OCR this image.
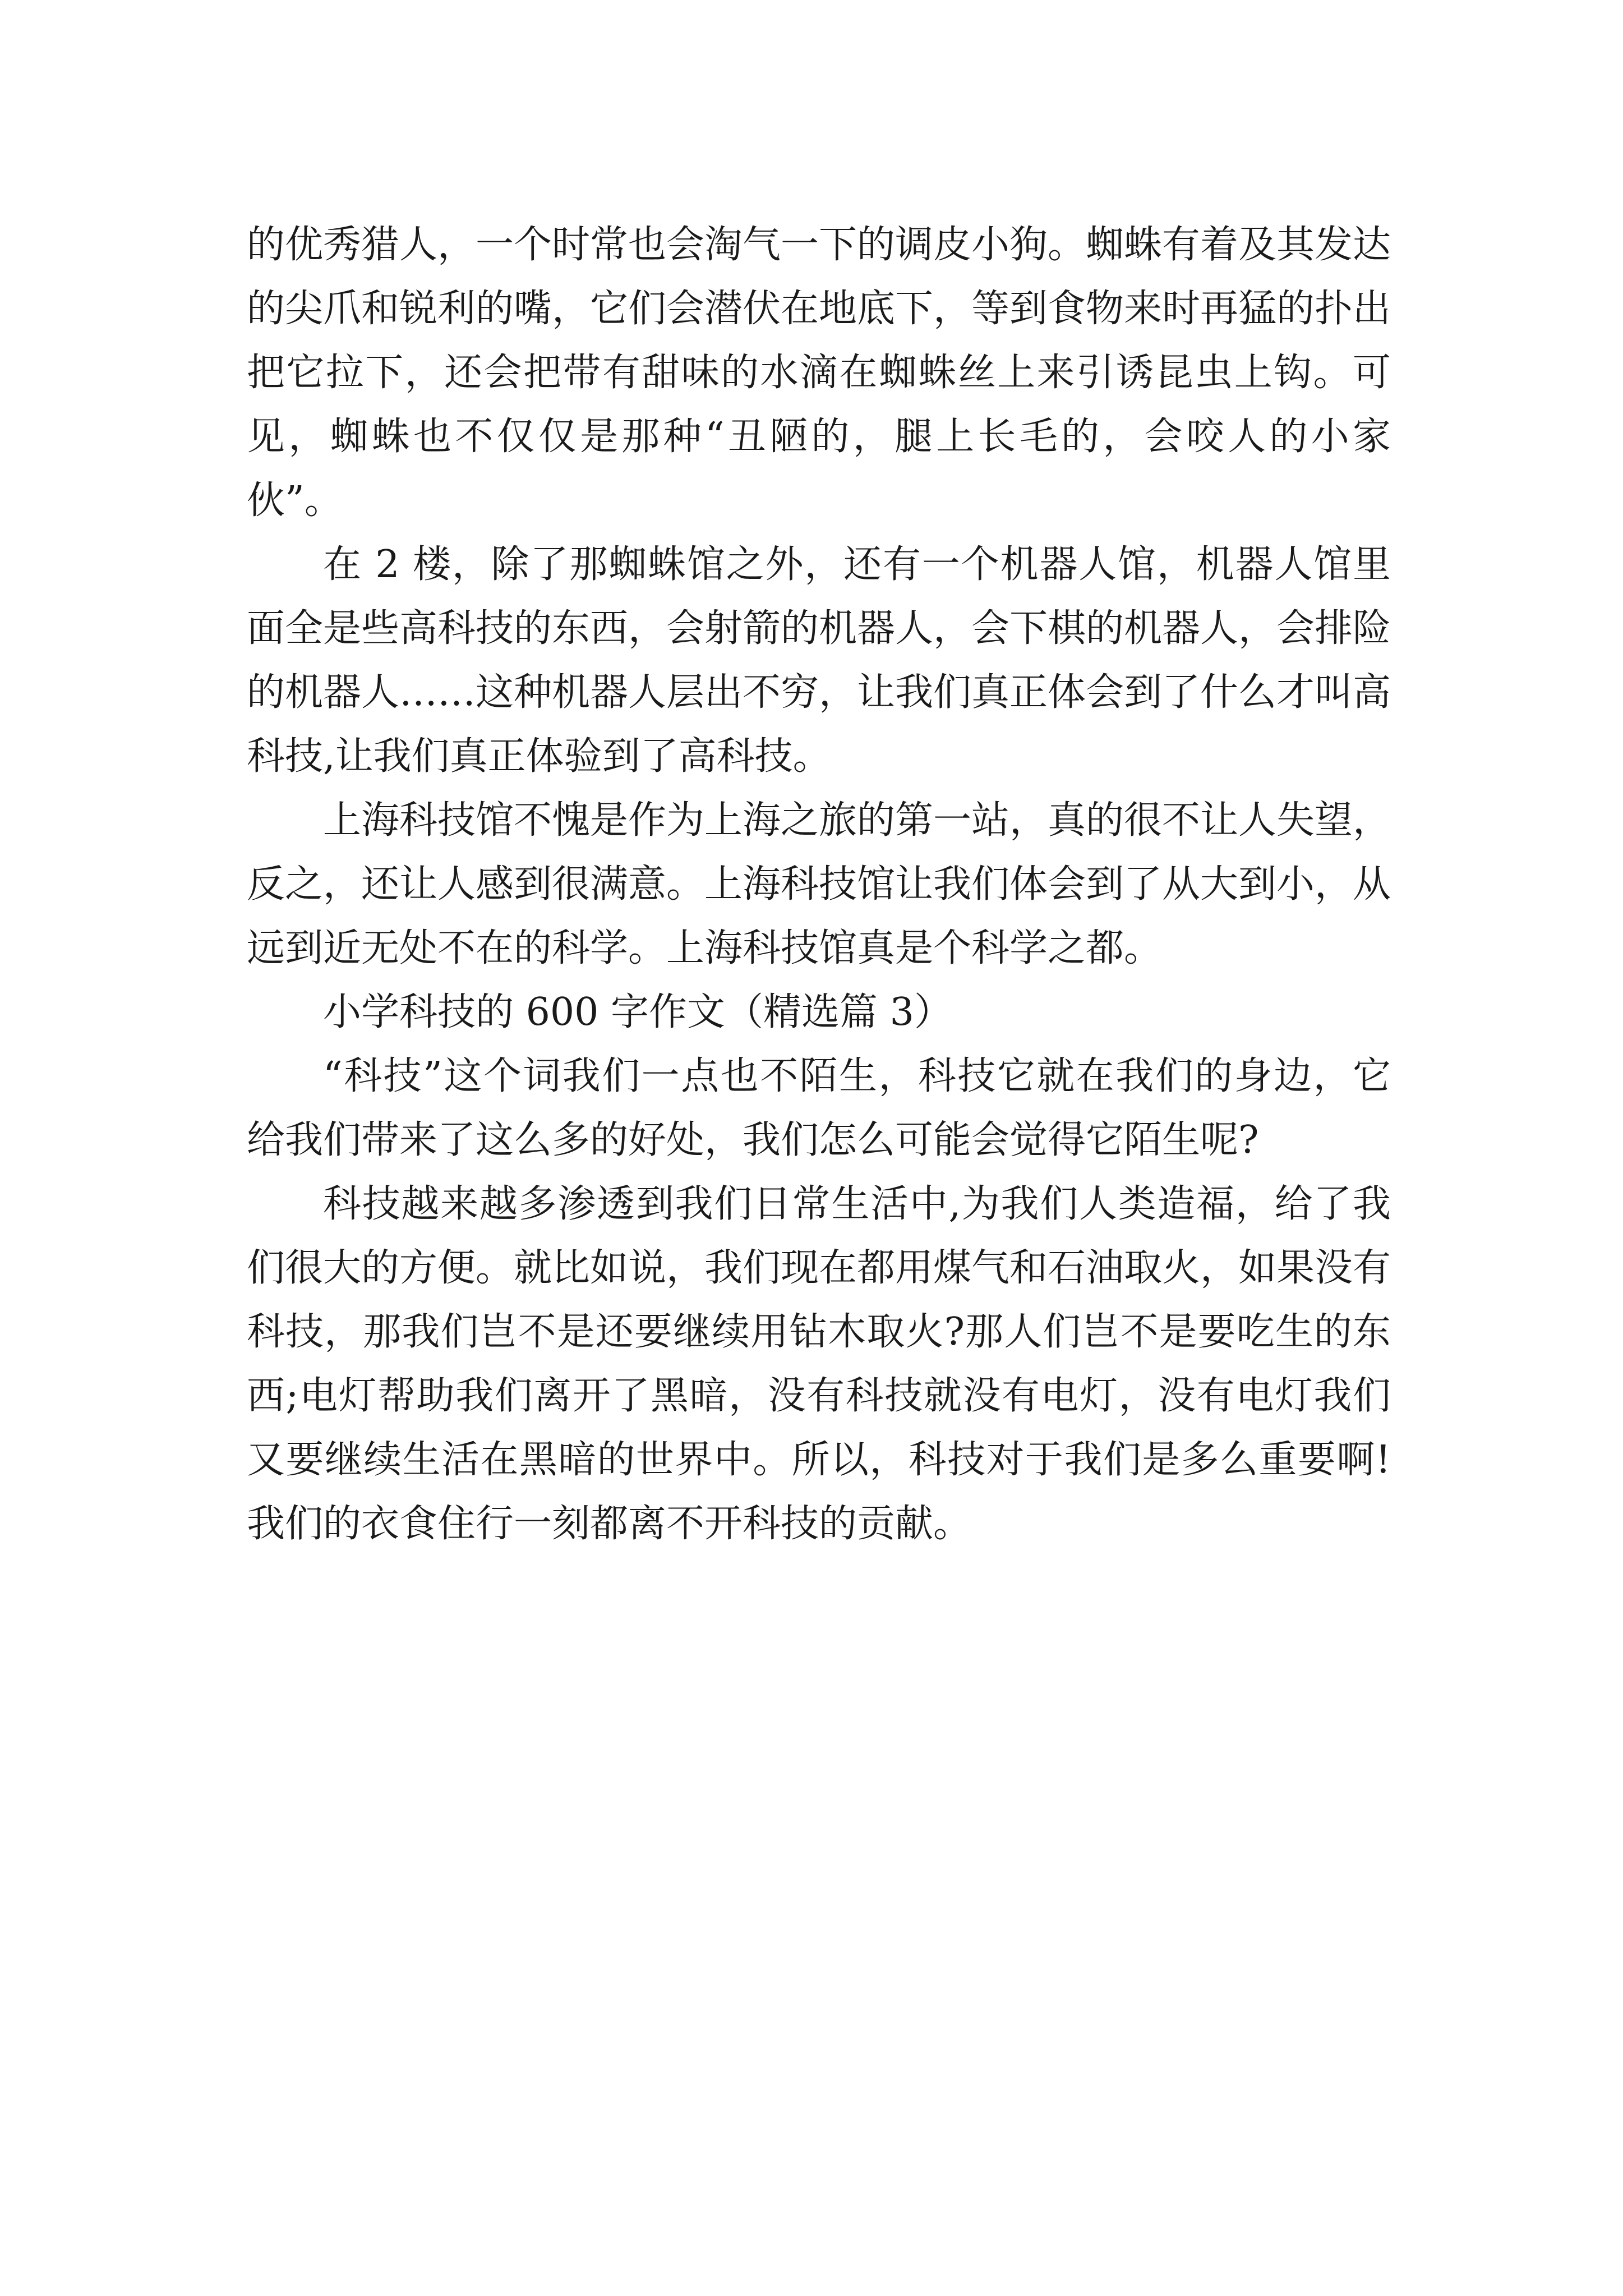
的优秀猎人，一个时常也会淘气一下的调皮小狗。蜘蛛有着及其发达的尖爪和锐利的嘴，它们会潜伏在地底下，等到食物来时再猛的扑出把它拉下，还会把带有甜味的水滴在蜘蛛丝上来引诱昆虫上钩。可见，蜘蛛也不仅仅是那种“丑陋的，腿上长毛的，会咬人的小家伙”。

在 2 楼，除了那蜘蛛馆之外，还有一个机器人馆，机器人馆里面全是些高科技的东西，会射箭的机器人，会下棋的机器人，会排险的机器人……这种机器人层出不穷，让我们真正体会到了什么才叫高科技,让我们真正体验到了高科技。

上海科技馆不愧是作为上海之旅的第一站，真的很不让人失望，反之，还让人感到很满意。上海科技馆让我们体会到了从大到小，从远到近无处不在的科学。上海科技馆真是个科学之都。

小学科技的 600 字作文（精选篇 3）

“科技”这个词我们一点也不陌生，科技它就在我们的身边，它给我们带来了这么多的好处，我们怎么可能会觉得它陌生呢?

科技越来越多渗透到我们日常生活中,为我们人类造福，给了我们很大的方便。就比如说，我们现在都用煤气和石油取火，如果没有科技，那我们岂不是还要继续用钻木取火?那人们岂不是要吃生的东西;电灯帮助我们离开了黑暗，没有科技就没有电灯，没有电灯我们又要继续生活在黑暗的世界中。所以，科技对于我们是多么重要啊!我们的衣食住行一刻都离不开科技的贡献。
